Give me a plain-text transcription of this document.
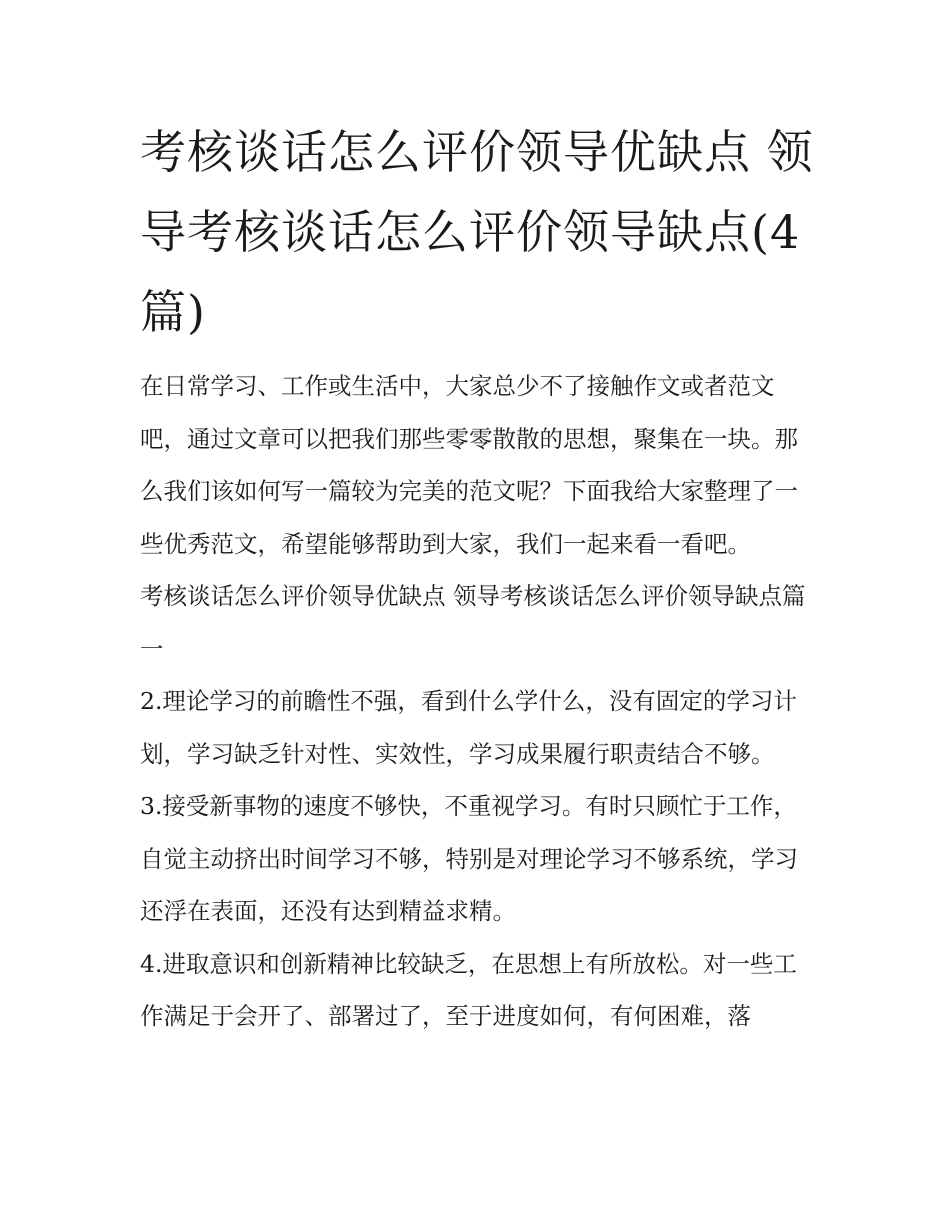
考核谈话怎么评价领导优缺点 领导考核谈话怎么评价领导缺点(4篇)

在日常学习、工作或生活中，大家总少不了接触作文或者范文吧，通过文章可以把我们那些零零散散的思想，聚集在一块。那么我们该如何写一篇较为完美的范文呢？下面我给大家整理了一些优秀范文，希望能够帮助到大家，我们一起来看一看吧。

考核谈话怎么评价领导优缺点 领导考核谈话怎么评价领导缺点篇一

2.理论学习的前瞻性不强，看到什么学什么，没有固定的学习计划，学习缺乏针对性、实效性，学习成果履行职责结合不够。

3.接受新事物的速度不够快，不重视学习。有时只顾忙于工作，自觉主动挤出时间学习不够，特别是对理论学习不够系统，学习还浮在表面，还没有达到精益求精。

4.进取意识和创新精神比较缺乏，在思想上有所放松。对一些工作满足于会开了、部署过了，至于进度如何，有何困难，落
